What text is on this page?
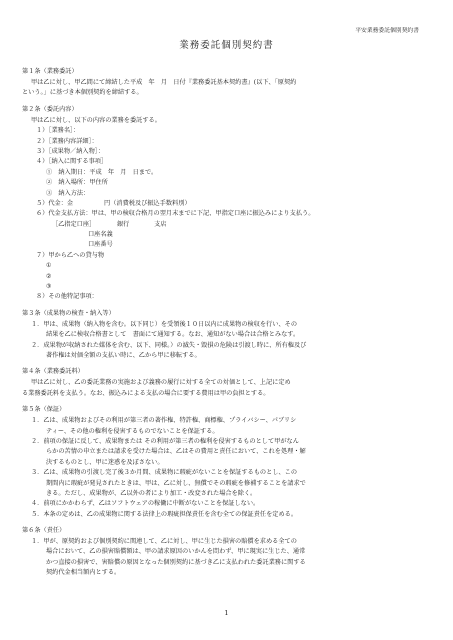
平安業務委託個別契約書
業務委託個別契約書
第１条（業務委託）
甲は乙に対し、甲乙間にて締結した平成　年　月　日付『業務委託基本契約書』(以下、「原契約
という。」に基づき本個別契約を締結する。
第２条（委託内容）
甲は乙に対し、以下の内容の業務を委託する。
１）［業務名］：
２）［業務内容詳細］：
３）［成果物／納入物］：
４）［納入に関する事項］
①　納入期日：平成　年　月　日まで。
②　納入場所：甲住所
③　納入方法：
５）代金：金　　　　　円（消費税及び振込手数料別）
６）代金支払方法：甲は、甲の検収合格月の翌月末までに下記、甲指定口座に振込みにより支払う。
［乙指定口座］　　　　銀行　　　　支店
口座名義
口座番号
７）甲から乙への貸与物
①
②
③
８）その他特記事項：
第３条（成果物の検査・納入等）
１．甲は、成果物（納入物を含む。以下同じ）を受領後１０日以内に成果物の検収を行い、その
結果を乙に検収合格書として　書面にて通知する。なお、通知がない場合は合格とみなす。
２．成果物が収納された媒体を含む、以下、同様。）の滅失・毀損の危険は引渡し時に、所有権及び
著作権は対価全額の支払い時に、乙から甲に移転する。
第４条（業務委託料）
甲は乙に対し、乙の委託業務の実施および義務の履行に対する全ての対価として、上記に定め
る業務委託料を支払う。なお、振込みによる支払の場合に要する費用は甲の負担とする。
第５条（保証）
１．乙は、成果物およびその利用が第三者の著作権、特許権、商標権、プライバシー、パブリシ
ティー、その他の権利を侵害するものでないことを保証する。
２．前項の保証に反して、成果物または その利用が第三者の権利を侵害するものとして甲がなん
らかの苦情の申立または請求を受けた場合は、乙はその費用と責任において、これを処理・解
決するものとし、甲に迷惑を及ぼさない。
３．乙は、成果物の引渡し完了後３か月間、成果物に瑕疵がないことを保証するものとし、この
期間内に瑕疵が発見されたときは、甲は、乙に対し、無償でその瑕疵を修補することを請求で
きる。ただし、成果物が、乙以外の者により加工・改変された場合を除く。
４．前項にかかわらず、乙はソフトウェアの稼働に中断がないことを保証しない。
５．本条の定めは、乙の成果物に関する法律上の瑕疵担保責任を含む全ての保証責任を定める。
第６条（責任）
１．甲が、原契約および個別契約に関連して、乙に対し、甲に生じた損害の賠償を求める全ての
場合において、乙の損害賠償額は、甲の請求原因のいかんを問わず、甲に現実に生じた、通常
かつ直接の損害で、害賠償の原因となった個別契約に基づき乙に支払われた委託業務に関する
契約代金相当額内とする。
1
